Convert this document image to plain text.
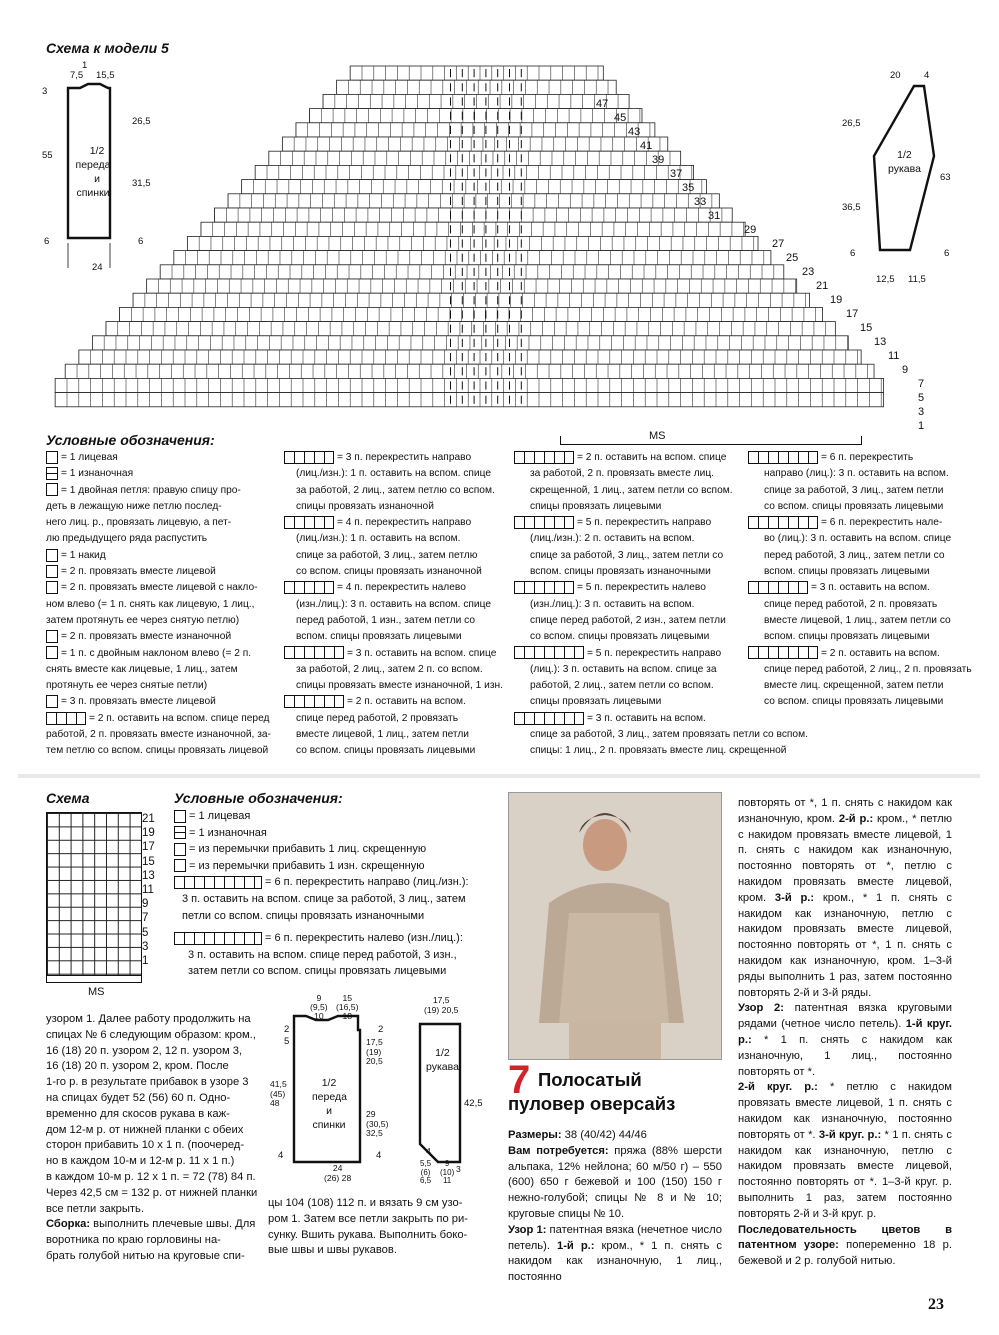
Схема к модели 5
1
7,5 15,5
3
55
26,5
31,5
6	6
24
1/2
переда
и
спинки
47
45
43
41
39
37
35
33
31
29
27
25
23
21
19
17
15
13
11
9
7
5
3
1
MS
20 4
26,5
36,5
63
6	6
12,5 11,5
1/2
рукава
Условные обозначения:
= 1 лицевая
= 1 изнаночная
= 1 двойная петля: правую спицу про-
деть в лежащую ниже петлю послед-
него лиц. р., провязать лицевую, а пет-
лю предыдущего ряда распустить
= 1 накид
= 2 п. провязать вместе лицевой
= 2 п. провязать вместе лицевой с накло-
ном влево (= 1 п. снять как лицевую, 1 лиц.,
затем протянуть ее через снятую петлю)
= 2 п. провязать вместе изнаночной
= 1 п. с двойным наклоном влево (= 2 п.
снять вместе как лицевые, 1 лиц., затем
протянуть ее через снятые петли)
= 3 п. провязать вместе лицевой
= 2 п. оставить на вспом. спице перед
работой, 2 п. провязать вместе изнаночной, за-
тем петлю со вспом. спицы провязать лицевой
= 3 п. перекрестить направо
(лиц./изн.): 1 п. оставить на вспом. спице
за работой, 2 лиц., затем петлю со вспом.
спицы провязать изнаночной
= 4 п. перекрестить направо
(лиц./изн.): 1 п. оставить на вспом.
спице за работой, 3 лиц., затем петлю
со вспом. спицы провязать изнаночной
= 4 п. перекрестить налево
(изн./лиц.): 3 п. оставить на вспом. спице
перед работой, 1 изн., затем петли со
вспом. спицы провязать лицевыми
= 3 п. оставить на вспом. спице
за работой, 2 лиц., затем 2 п. со вспом.
спицы провязать вместе изнаночной, 1 изн.
= 2 п. оставить на вспом.
спице перед работой, 2 провязать
вместе лицевой, 1 лиц., затем петли
со вспом. спицы провязать лицевыми
= 2 п. оставить на вспом. спице
за работой, 2 п. провязать вместе лиц.
скрещенной, 1 лиц., затем петли со вспом.
спицы провязать лицевыми
= 5 п. перекрестить направо
(лиц./изн.): 2 п. оставить на вспом.
спице за работой, 3 лиц., затем петли со
вспом. спицы провязать изнаночными
= 5 п. перекрестить налево
(изн./лиц.): 3 п. оставить на вспом.
спице перед работой, 2 изн., затем петли
со вспом. спицы провязать лицевыми
= 5 п. перекрестить направо
(лиц.): 3 п. оставить на вспом. спице за
работой, 2 лиц., затем петли со вспом.
спицы провязать лицевыми
= 3 п. оставить на вспом.
спице за работой, 3 лиц., затем провязать петли со вспом.
спицы: 1 лиц., 2 п. провязать вместе лиц. скрещенной
= 6 п. перекрестить
направо (лиц.): 3 п. оставить на вспом.
спице за работой, 3 лиц., затем петли
со вспом. спицы провязать лицевыми
= 6 п. перекрестить нале-
во (лиц.): 3 п. оставить на вспом. спице
перед работой, 3 лиц., затем петли со
вспом. спицы провязать лицевыми
= 3 п. оставить на вспом.
спице перед работой, 2 п. провязать
вместе лицевой, 1 лиц., затем петли со
вспом. спицы провязать лицевыми
= 2 п. оставить на вспом.
спице перед работой, 2 лиц., 2 п. провязать
вместе лиц. скрещенной, затем петли
со вспом. спицы провязать лицевыми
Схема
21
19
17
15
13
11
9
7
5
3
1
MS
Условные обозначения:
= 1 лицевая
= 1 изнаночная
= из перемычки прибавить 1 лиц. скрещенную
= из перемычки прибавить 1 изн. скрещенную
= 6 п. перекрестить направо (лиц./изн.):
3 п. оставить на вспом. спице за работой, 3 лиц., затем
петли со вспом. спицы провязать изнаночными
= 6 п. перекрестить налево (изн./лиц.):
3 п. оставить на вспом. спице перед работой, 3 изн.,
затем петли со вспом. спицы провязать лицевыми
узором 1. Далее работу продолжить на
спицах № 6 следующим образом: кром.,
16 (18) 20 п. узором 2, 12 п. узором 3,
16 (18) 20 п. узором 2, кром. После
1-го р. в результате прибавок в узоре 3
на спицах будет 52 (56) 60 п. Одно-
временно для скосов рукава в каж-
дом 12-м р. от нижней планки с обеих
сторон прибавить 10 х 1 п. (поочеред-
но в каждом 10-м и 12-м р. 11 х 1 п.)
в каждом 10-м р. 12 х 1 п. = 72 (78) 84 п.
Через 42,5 см = 132 р. от нижней планки
все петли закрыть.
Сборка: выполнить плечевые швы. Для
воротника по краю горловины на-
брать голубой нитью на круговые спи-
9
(9,5)
10
15
(16,5)
18
2
5
2
17,5
(19)
20,5
41,5
(45)
48
29
(30,5)
32,5
4	4
24
(26) 28
1/2
переда
и
спинки
17,5
(19) 20,5
42,5
5,5
(6)
6,5
9
(10)
11
3
4
1/2
рукава
цы 104 (108) 112 п. и вязать 9 см узо-
ром 1. Затем все петли закрыть по ри-
сунку. Вшить рукава. Выполнить боко-
вые швы и швы рукавов.
7 Полосатый
пуловер оверсайз
Размеры: 38 (40/42) 44/46
Вам потребуется: пряжа (88% шерсти альпака, 12% нейлона; 60 м/50 г) – 550 (600) 650 г бежевой и 100 (150) 150 г нежно-голубой; спицы № 8 и № 10; круговые спицы № 10.
Узор 1: патентная вязка (нечетное число петель). 1-й р.: кром., * 1 п. снять с накидом как изнаночную, 1 лиц., постоянно
повторять от *, 1 п. снять с накидом как изнаночную, кром. 2-й р.: кром., * петлю с накидом провязать вместе лицевой, 1 п. снять с накидом как изнаночную, постоянно повторять от *, петлю с накидом провязать вместе лицевой, кром. 3-й р.: кром., * 1 п. снять с накидом как изнаночную, петлю с накидом провязать вместе лицевой, постоянно повторять от *, 1 п. снять с накидом как изнаночную, кром. 1–3-й ряды выполнить 1 раз, затем постоянно повторять 2-й и 3-й ряды.
Узор 2: патентная вязка круговыми рядами (четное число петель). 1-й круг. р.: * 1 п. снять с накидом как изнаночную, 1 лиц., постоянно повторять от *.
2-й круг. р.: * петлю с накидом провязать вместе лицевой, 1 п. снять с накидом как изнаночную, постоянно повторять от *. 3-й круг. р.: * 1 п. снять с накидом как изнаночную, петлю с накидом провязать вместе лицевой, постоянно повторять от *. 1–3-й круг. р. выполнить 1 раз, затем постоянно повторять 2-й и 3-й круг. р.
Последовательность цветов в патентном узоре: попеременно 18 р. бежевой и 2 р. голубой нитью.
23
